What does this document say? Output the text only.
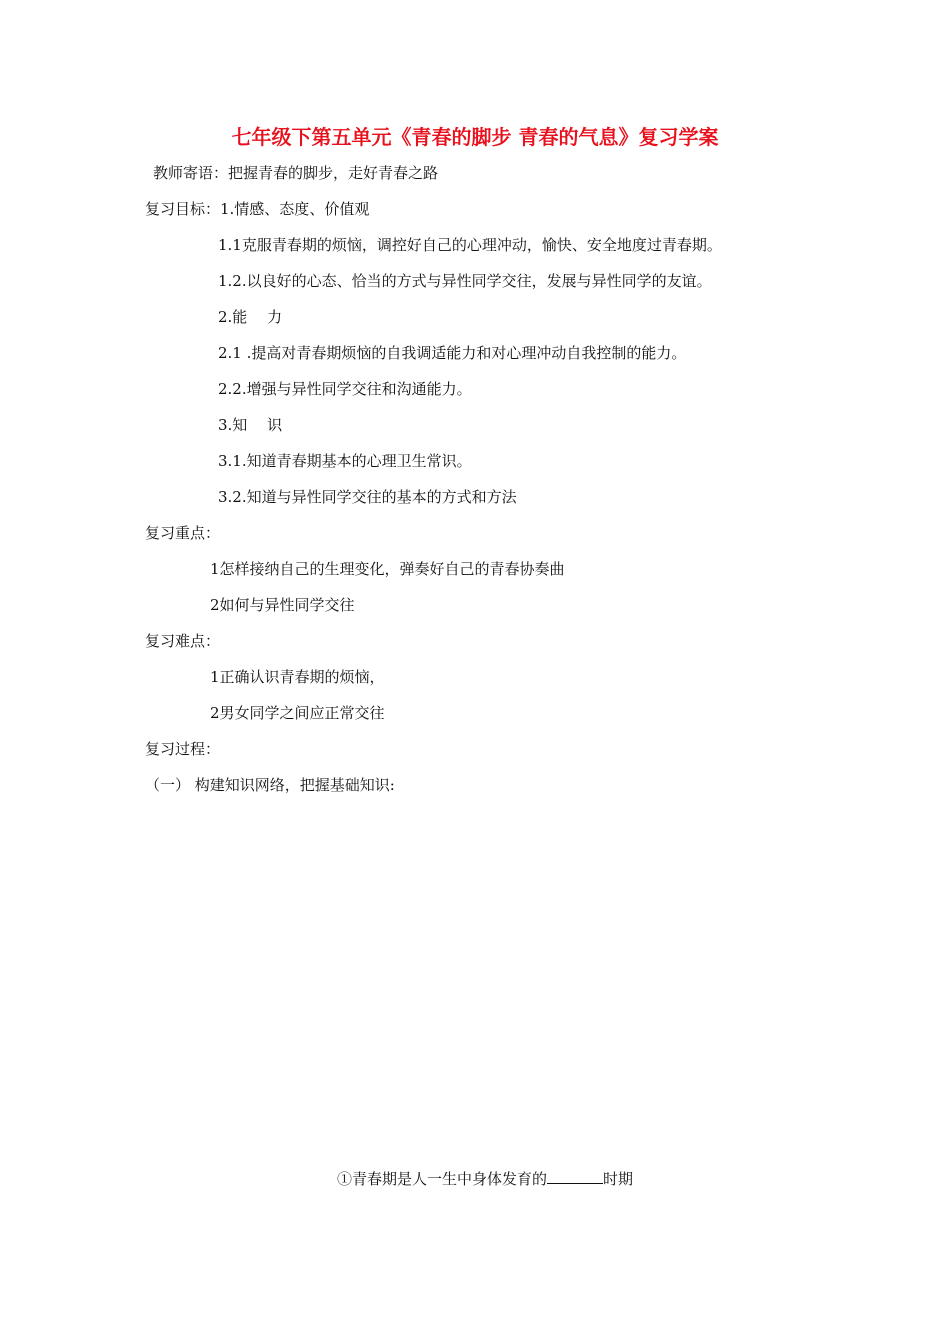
七年级下第五单元《青春的脚步 青春的气息》复习学案
教师寄语：把握青春的脚步，走好青春之路
复习目标：1.情感、态度、价值观
1.1克服青春期的烦恼，调控好自己的心理冲动，愉快、安全地度过青春期。
1.2.以良好的心态、恰当的方式与异性同学交往，发展与异性同学的友谊。
2.能　 力
2.1 .提高对青春期烦恼的自我调适能力和对心理冲动自我控制的能力。
2.2.增强与异性同学交往和沟通能力。
3.知　 识
3.1.知道青春期基本的心理卫生常识。
3.2.知道与异性同学交往的基本的方式和方法
复习重点：
1怎样接纳自己的生理变化，弹奏好自己的青春协奏曲
2如何与异性同学交往
复习难点：
1正确认识青春期的烦恼，
2男女同学之间应正常交往
复习过程：
（一） 构建知识网络，把握基础知识:
①青春期是人一生中身体发育的	时期
